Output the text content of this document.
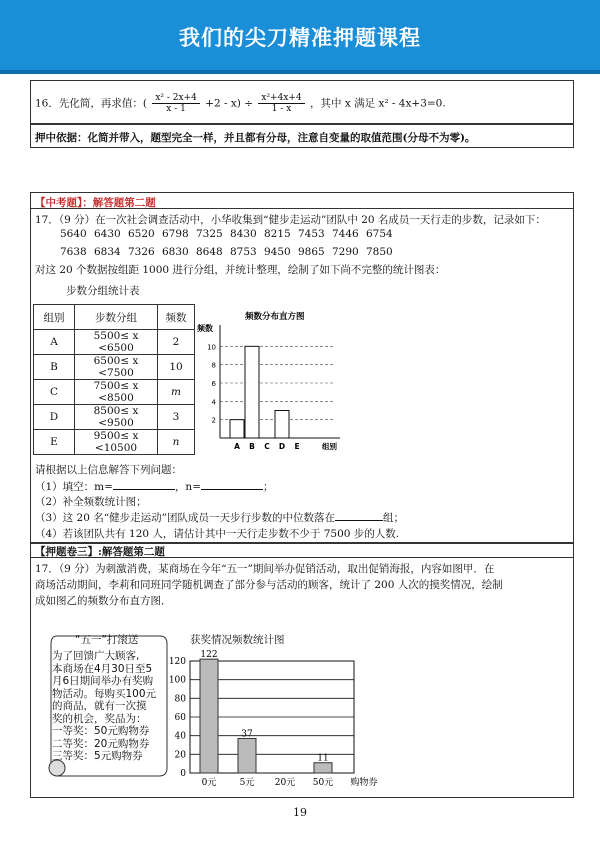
我们的尖刀精准押题课程
16．先化简，再求值：( $\frac{\text{x² - 2x+4}}{x - 1} +2 - x) \div \frac{\text{x²+4x+4}}{1 - x}$ ，其中 x 满足 x² - 4x+3=0.
押中依据：化简并带入，题型完全一样，并且都有分母，注意自变量的取值范围(分母不为零)。
【中考题】：解答题第二题
17．（9 分）在一次社会调查活动中，小华收集到“健步走运动”团队中 20 名成员一天行走的步数，记录如下：
5640 6430 6520 6798 7325 8430 8215 7453 7446 6754
7638 6834 7326 6830 8648 8753 9450 9865 7290 7850
对这 20 个数据按组距 1000 进行分组，并统计整理，绘制了如下尚不完整的统计图表：
步数分组统计表
组别	步数分组	频数
A	5500≤ x <6500	2
B	6500≤ x <7500	10
C	7500≤ x <8500	m
D	8500≤ x <9500	3
E	9500≤ x <10500	n
频数分布直方图
频数
2
4
6
8
10
A B C D E	组别
请根据以上信息解答下列问题：
（1）填空：m=	，n=	；
（2）补全频数统计图；
（3）这 20 名“健步走运动”团队成员一天步行步数的中位数落在	组；
（4）若该团队共有 120 人，请估计其中一天行走步数不少于 7500 步的人数.
【押题卷三】:解答题第二题
17．（9 分）为刺激消费，某商场在今年“五一”期间举办促销活动，取出促销海报，内容如图甲．在
商场活动期间，李莉和同班同学随机调查了部分参与活动的顾客，统计了 200 人次的摸奖情况，绘制
成如图乙的频数分布直方图．
“五一”打滚送
为了回馈广大顾客,
本商场在4月30日至5
月6日期间举办有奖购
物活动。每购买100元
的商品，就有一次摸
奖的机会，奖品为：
一等奖：50元购物券
二等奖：20元购物券
三等奖：5元购物券
获奖情况频数统计图
0
20
40
60
80
100
120
122
0元
37
5元 20元
11
50元 购物券
19
